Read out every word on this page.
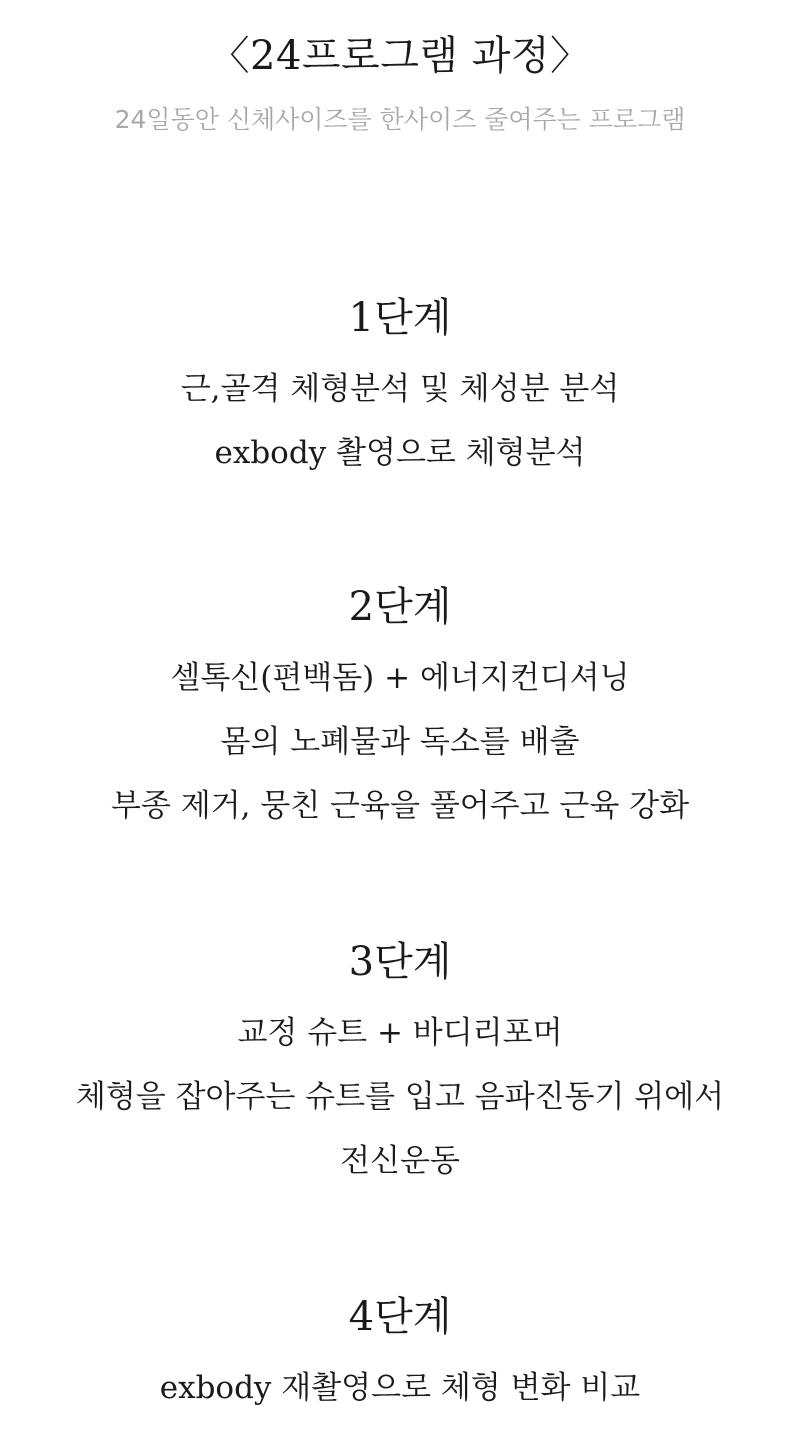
〈24프로그램 과정〉

24일동안 신체사이즈를 한사이즈 줄여주는 프로그램

1단계
근,골격 체형분석 및 체성분 분석
exbody 촬영으로 체형분석
2단계
셀톡신(편백돔) + 에너지컨디셔닝
몸의 노폐물과 독소를 배출
부종 제거, 뭉친 근육을 풀어주고 근육 강화
3단계
교정 슈트 + 바디리포머
체형을 잡아주는 슈트를 입고 음파진동기 위에서
전신운동
4단계
exbody 재촬영으로 체형 변화 비교
